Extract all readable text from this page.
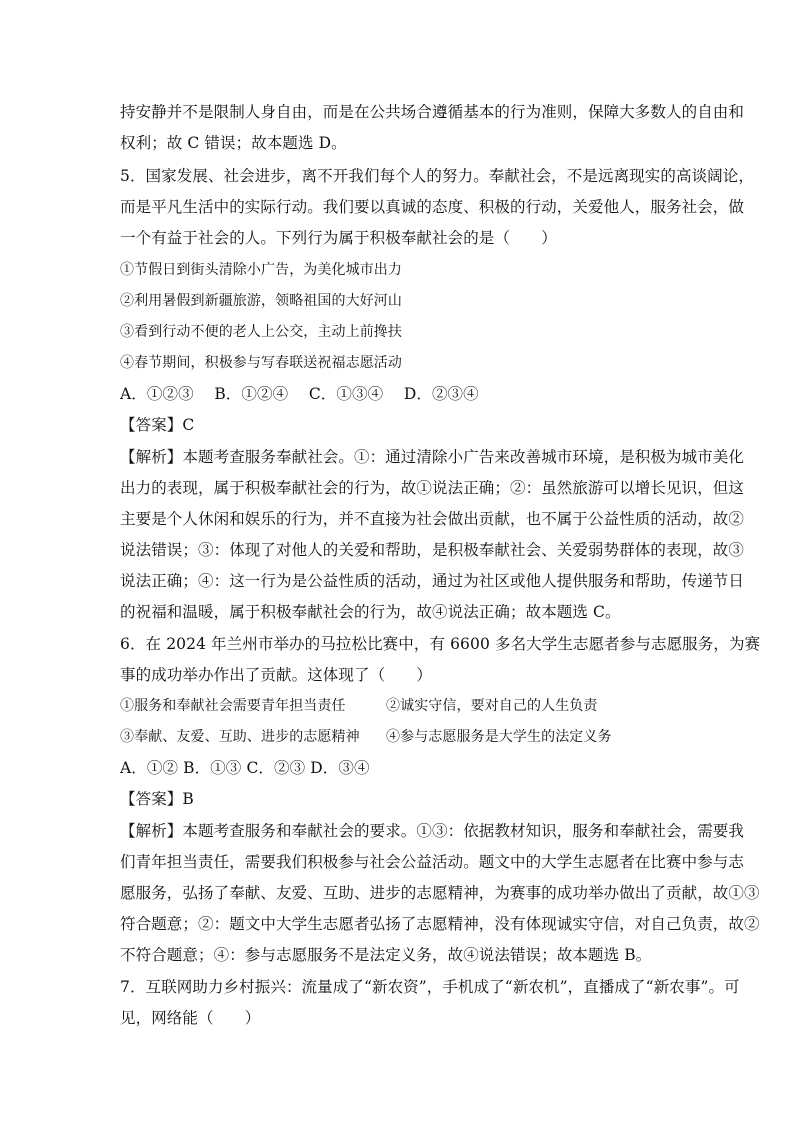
持安静并不是限制人身自由，而是在公共场合遵循基本的行为准则，保障大多数人的自由和
权利；故 C 错误；故本题选 D。
5．国家发展、社会进步，离不开我们每个人的努力。奉献社会，不是远离现实的高谈阔论，
而是平凡生活中的实际行动。我们要以真诚的态度、积极的行动，关爱他人，服务社会，做
一个有益于社会的人。下列行为属于积极奉献社会的是（　　）
①节假日到街头清除小广告，为美化城市出力
②利用暑假到新疆旅游，领略祖国的大好河山
③看到行动不便的老人上公交，主动上前搀扶
④春节期间，积极参与写春联送祝福志愿活动
A．①②③　 B．①②④　 C．①③④　 D．②③④
【答案】C
【解析】本题考查服务奉献社会。①：通过清除小广告来改善城市环境，是积极为城市美化
出力的表现，属于积极奉献社会的行为，故①说法正确；②：虽然旅游可以增长见识，但这
主要是个人休闲和娱乐的行为，并不直接为社会做出贡献，也不属于公益性质的活动，故②
说法错误；③：体现了对他人的关爱和帮助，是积极奉献社会、关爱弱势群体的表现，故③
说法正确；④：这一行为是公益性质的活动，通过为社区或他人提供服务和帮助，传递节日
的祝福和温暖，属于积极奉献社会的行为，故④说法正确；故本题选 C。
6．在 2024 年兰州市举办的马拉松比赛中，有 6600 多名大学生志愿者参与志愿服务，为赛
事的成功举办作出了贡献。这体现了（　　）
①服务和奉献社会需要青年担当责任	②诚实守信，要对自己的人生负责
③奉献、友爱、互助、进步的志愿精神 ④参与志愿服务是大学生的法定义务
A．①② B．①③ C．②③ D．③④
【答案】B
【解析】本题考查服务和奉献社会的要求。①③：依据教材知识，服务和奉献社会，需要我
们青年担当责任，需要我们积极参与社会公益活动。题文中的大学生志愿者在比赛中参与志
愿服务，弘扬了奉献、友爱、互助、进步的志愿精神，为赛事的成功举办做出了贡献，故①③
符合题意；②：题文中大学生志愿者弘扬了志愿精神，没有体现诚实守信，对自己负责，故②
不符合题意；④：参与志愿服务不是法定义务，故④说法错误；故本题选 B。
7．互联网助力乡村振兴：流量成了“新农资”，手机成了“新农机”，直播成了“新农事”。可
见，网络能（　　）
